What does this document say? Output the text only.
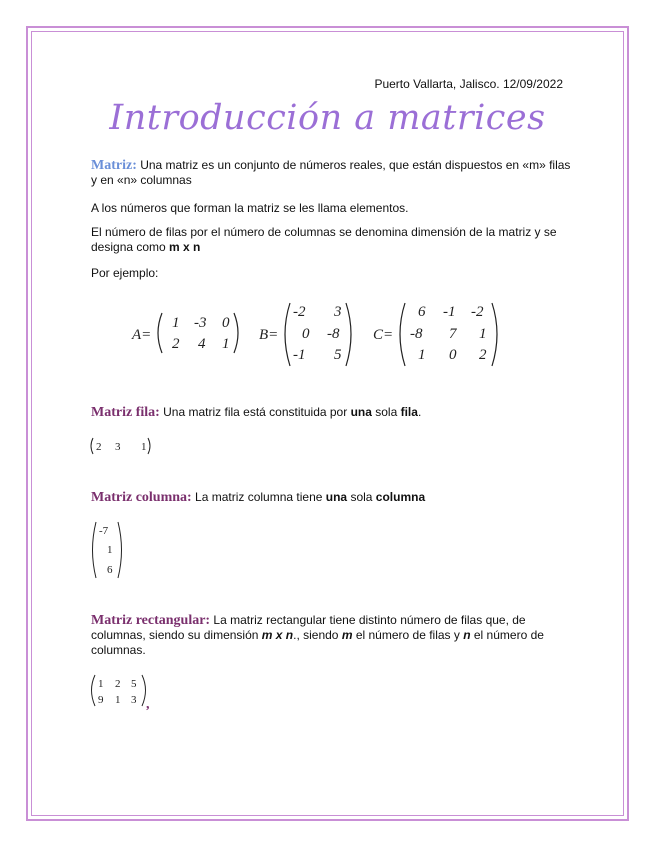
Puerto Vallarta, Jalisco. 12/09/2022
Introducción a matrices
Matriz: Una matriz es un conjunto de números reales, que están dispuestos en «m» filas y en «n» columnas
A los números que forman la matriz se les llama elementos.
El número de filas por el número de columnas se denomina dimensión de la matriz y se designa como m x n
Por ejemplo:
A=
1 -3 0
2 4 1
B=
-2 3
0 -8
-1 5
C=
6 -1 -2
-8 7 1
1 0 2
Matriz fila: Una matriz fila está constituida por una sola fila.
2 3 1
Matriz columna: La matriz columna tiene una sola columna
-7
1
6
Matriz rectangular: La matriz rectangular tiene distinto número de filas que, de columnas, siendo su dimensión m x n., siendo m el número de filas y n el número de columnas.
1 2 5
9 1 3 ,
